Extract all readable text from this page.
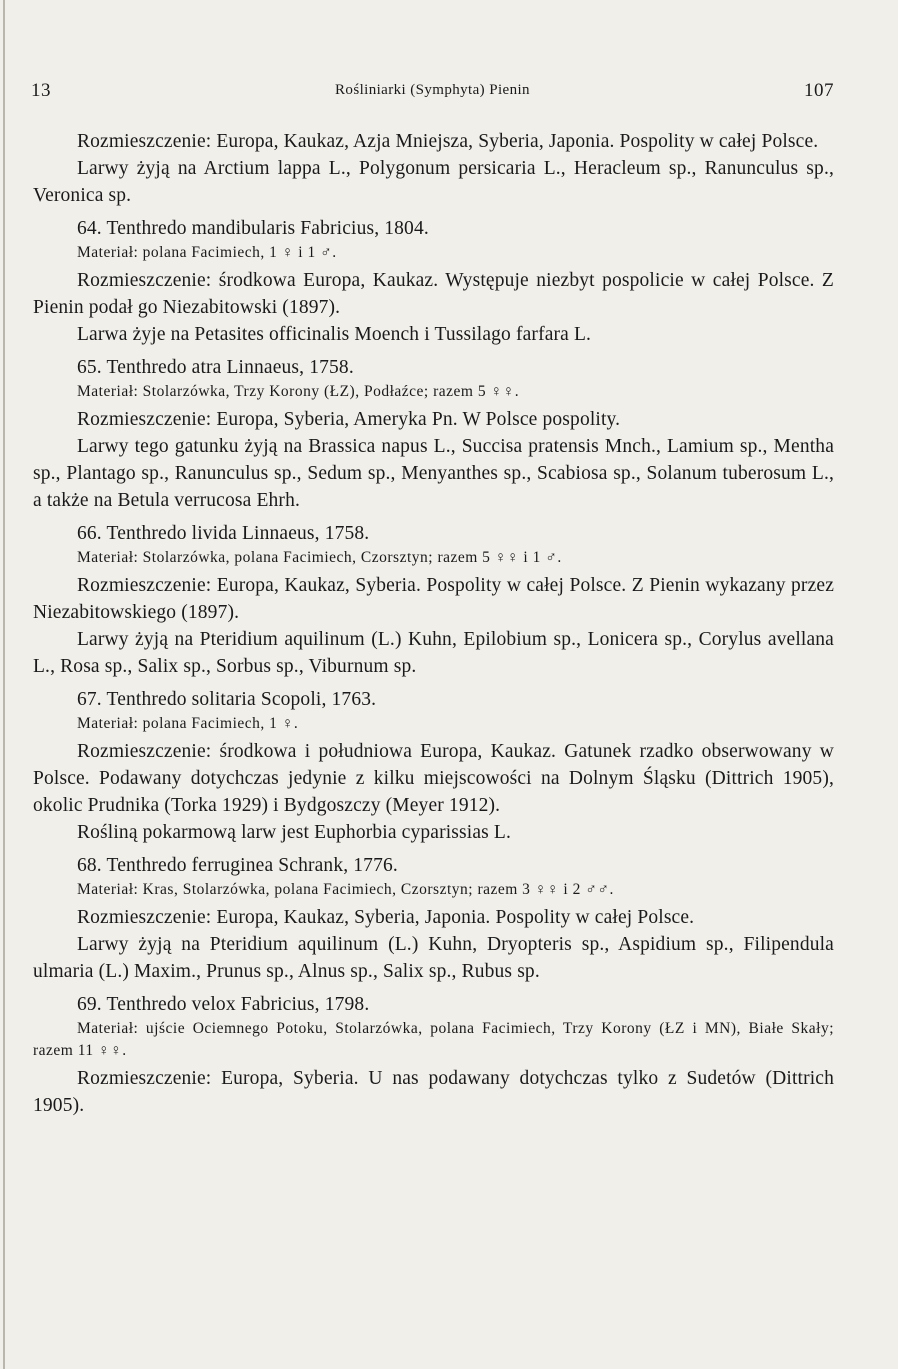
13	Rośliniarki (Symphyta) Pienin	107

Rozmieszczenie: Europa, Kaukaz, Azja Mniejsza, Syberia, Japonia. Pospolity w całej Polsce.

Larwy żyją na Arctium lappa L., Polygonum persicaria L., Heracleum sp., Ranunculus sp., Veronica sp.

64. Tenthredo mandibularis Fabricius, 1804.

Materiał: polana Facimiech, 1 ♀ i 1 ♂.

Rozmieszczenie: środkowa Europa, Kaukaz. Występuje niezbyt pospolicie w całej Polsce. Z Pienin podał go Niezabitowski (1897).

Larwa żyje na Petasites officinalis Moench i Tussilago farfara L.

65. Tenthredo atra Linnaeus, 1758.

Materiał: Stolarzówka, Trzy Korony (ŁZ), Podłaźce; razem 5 ♀♀.

Rozmieszczenie: Europa, Syberia, Ameryka Pn. W Polsce pospolity.

Larwy tego gatunku żyją na Brassica napus L., Succisa pratensis Mnch., Lamium sp., Mentha sp., Plantago sp., Ranunculus sp., Sedum sp., Menyanthes sp., Scabiosa sp., Solanum tuberosum L., a także na Betula verrucosa Ehrh.

66. Tenthredo livida Linnaeus, 1758.

Materiał: Stolarzówka, polana Facimiech, Czorsztyn; razem 5 ♀♀ i 1 ♂.

Rozmieszczenie: Europa, Kaukaz, Syberia. Pospolity w całej Polsce. Z Pienin wykazany przez Niezabitowskiego (1897).

Larwy żyją na Pteridium aquilinum (L.) Kuhn, Epilobium sp., Lonicera sp., Corylus avellana L., Rosa sp., Salix sp., Sorbus sp., Viburnum sp.

67. Tenthredo solitaria Scopoli, 1763.

Materiał: polana Facimiech, 1 ♀.

Rozmieszczenie: środkowa i południowa Europa, Kaukaz. Gatunek rzadko obserwowany w Polsce. Podawany dotychczas jedynie z kilku miejscowości na Dolnym Śląsku (Dittrich 1905), okolic Prudnika (Torka 1929) i Bydgoszczy (Meyer 1912).

Rośliną pokarmową larw jest Euphorbia cyparissias L.

68. Tenthredo ferruginea Schrank, 1776.

Materiał: Kras, Stolarzówka, polana Facimiech, Czorsztyn; razem 3 ♀♀ i 2 ♂♂.

Rozmieszczenie: Europa, Kaukaz, Syberia, Japonia. Pospolity w całej Polsce.

Larwy żyją na Pteridium aquilinum (L.) Kuhn, Dryopteris sp., Aspidium sp., Filipendula ulmaria (L.) Maxim., Prunus sp., Alnus sp., Salix sp., Rubus sp.

69. Tenthredo velox Fabricius, 1798.

Materiał: ujście Ociemnego Potoku, Stolarzówka, polana Facimiech, Trzy Korony (ŁZ i MN), Białe Skały; razem 11 ♀♀.

Rozmieszczenie: Europa, Syberia. U nas podawany dotychczas tylko z Sudetów (Dittrich 1905).
